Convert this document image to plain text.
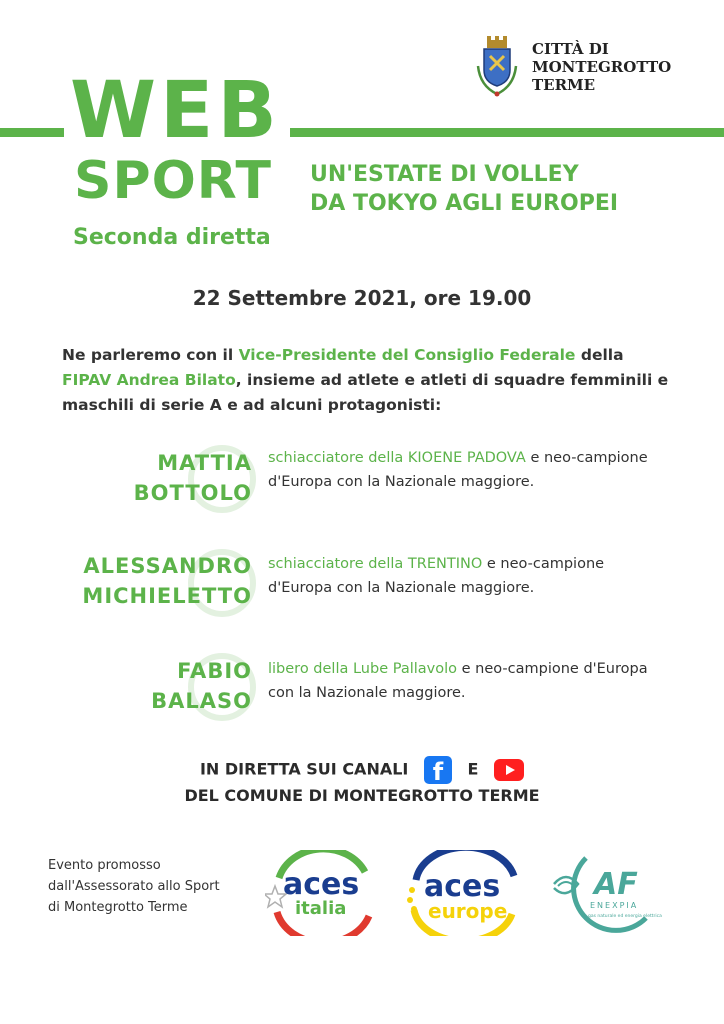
WEB
SPORT
Seconda diretta
UN'ESTATE DI VOLLEY
DA TOKYO AGLI EUROPEI
CITTÀ DI
MONTEGROTTO
TERME
22 Settembre 2021, ore 19.00
Ne parleremo con il Vice-Presidente del Consiglio Federale della FIPAV Andrea Bilato, insieme ad atlete e atleti di squadre femminili e maschili di serie A e ad alcuni protagonisti:
MATTIA
BOTTOLO
schiacciatore della KIOENE PADOVA e neo-campione d'Europa con la Nazionale maggiore.
ALESSANDRO
MICHIELETTO
schiacciatore della TRENTINO e neo-campione d'Europa con la Nazionale maggiore.
FABIO
BALASO
libero della Lube Pallavolo e neo-campione d'Europa con la Nazionale maggiore.
IN DIRETTA SUI CANALI f E
DEL COMUNE DI MONTEGROTTO TERME
Evento promosso
dall'Assessorato allo Sport
di Montegrotto Terme
aces
italia
aces
europe
AF
ENEXPIA
gas naturale ed energia elettrica
